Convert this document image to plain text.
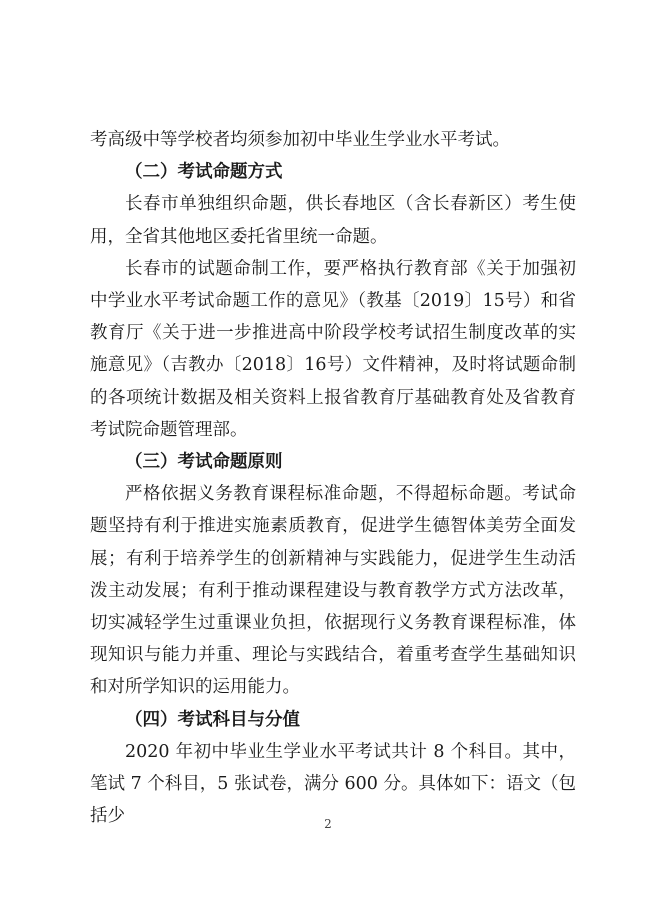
考高级中等学校者均须参加初中毕业生学业水平考试。

（二）考试命题方式

长春市单独组织命题，供长春地区（含长春新区）考生使用，全省其他地区委托省里统一命题。

长春市的试题命制工作，要严格执行教育部《关于加强初中学业水平考试命题工作的意见》（教基〔2019〕15号）和省教育厅《关于进一步推进高中阶段学校考试招生制度改革的实施意见》（吉教办〔2018〕16号）文件精神，及时将试题命制的各项统计数据及相关资料上报省教育厅基础教育处及省教育考试院命题管理部。

（三）考试命题原则

严格依据义务教育课程标准命题，不得超标命题。考试命题坚持有利于推进实施素质教育，促进学生德智体美劳全面发展；有利于培养学生的创新精神与实践能力，促进学生生动活泼主动发展；有利于推动课程建设与教育教学方式方法改革，切实减轻学生过重课业负担，依据现行义务教育课程标准，体现知识与能力并重、理论与实践结合，着重考查学生基础知识和对所学知识的运用能力。

（四）考试科目与分值

2020 年初中毕业生学业水平考试共计 8 个科目。其中，笔试 7 个科目，5 张试卷，满分 600 分。具体如下：语文（包括少	2
